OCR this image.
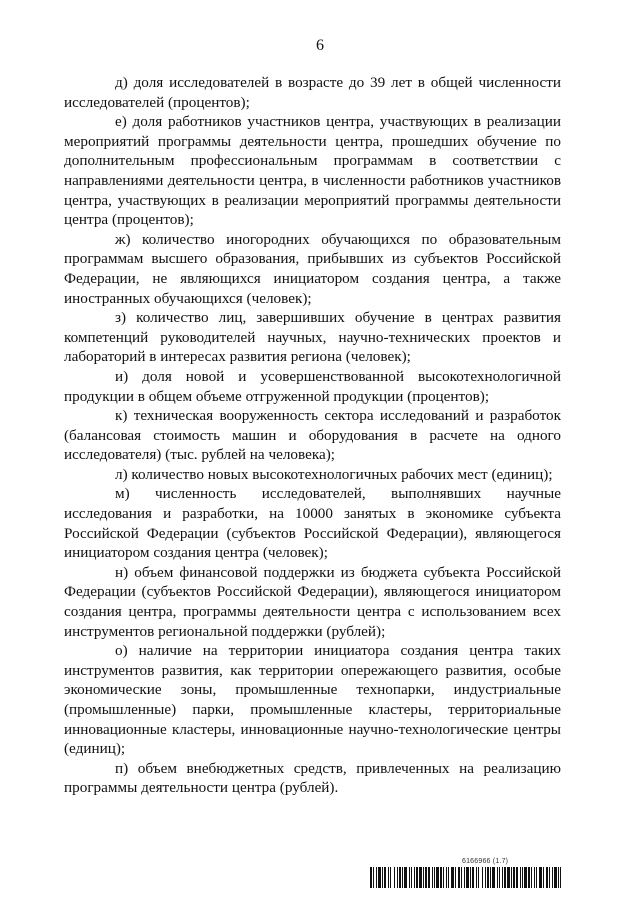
6

д) доля исследователей в возрасте до 39 лет в общей численности исследователей (процентов);

е) доля работников участников центра, участвующих в реализации мероприятий программы деятельности центра, прошедших обучение по дополнительным профессиональным программам в соответствии с направлениями деятельности центра, в численности работников участников центра, участвующих в реализации мероприятий программы деятельности центра (процентов);

ж) количество иногородних обучающихся по образовательным программам высшего образования, прибывших из субъектов Российской Федерации, не являющихся инициатором создания центра, а также иностранных обучающихся (человек);

з) количество лиц, завершивших обучение в центрах развития компетенций руководителей научных, научно-технических проектов и лабораторий в интересах развития региона (человек);

и) доля новой и усовершенствованной высокотехнологичной продукции в общем объеме отгруженной продукции (процентов);

к) техническая вооруженность сектора исследований и разработок (балансовая стоимость машин и оборудования в расчете на одного исследователя) (тыс. рублей на человека);

л) количество новых высокотехнологичных рабочих мест (единиц);

м) численность исследователей, выполнявших научные исследования и разработки, на 10000 занятых в экономике субъекта Российской Федерации (субъектов Российской Федерации), являющегося инициатором создания центра (человек);

н) объем финансовой поддержки из бюджета субъекта Российской Федерации (субъектов Российской Федерации), являющегося инициатором создания центра, программы деятельности центра с использованием всех инструментов региональной поддержки (рублей);

о) наличие на территории инициатора создания центра таких инструментов развития, как территории опережающего развития, особые экономические зоны, промышленные технопарки, индустриальные (промышленные) парки, промышленные кластеры, территориальные инновационные кластеры, инновационные научно-технологические центры (единиц);

п) объем внебюджетных средств, привлеченных на реализацию программы деятельности центра (рублей).

6166966 (1.7)
